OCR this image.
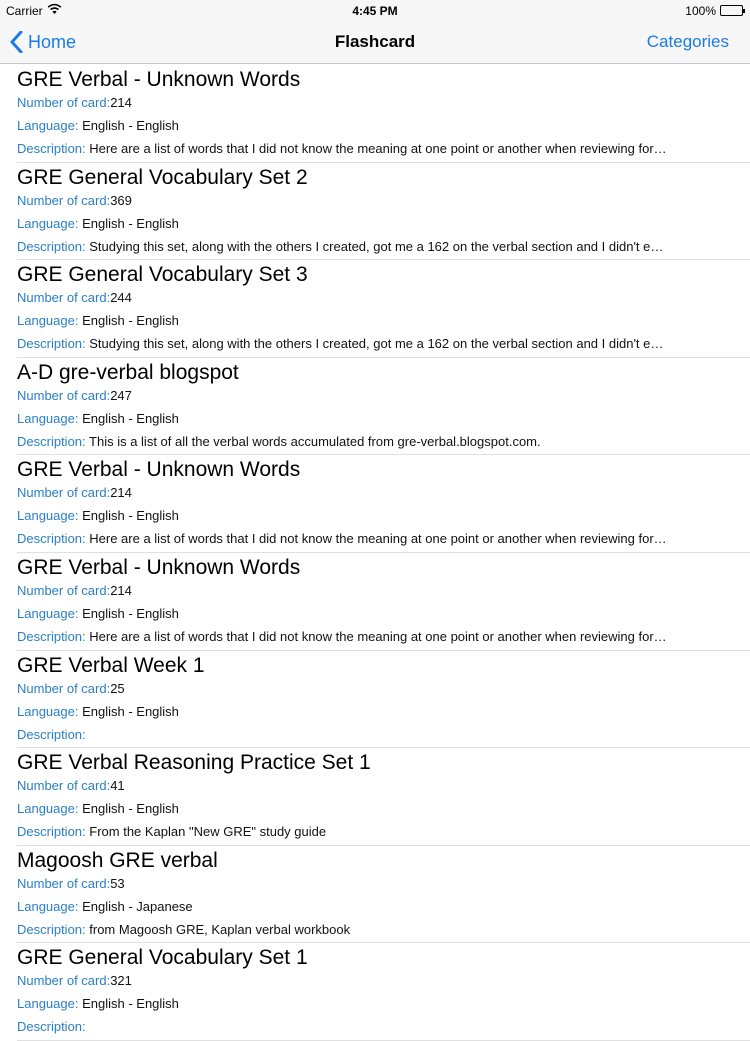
Carrier	4:45 PM	100%
Home	Flashcard	Categories
GRE Verbal - Unknown Words
Number of card:214
Language: English - English
Description: Here are a list of words that I did not know the meaning at one point or another when reviewing for…
GRE General Vocabulary Set 2
Number of card:369
Language: English - English
Description: Studying this set, along with the others I created, got me a 162 on the verbal section and I didn't e…
GRE General Vocabulary Set 3
Number of card:244
Language: English - English
Description: Studying this set, along with the others I created, got me a 162 on the verbal section and I didn't e…
A-D gre-verbal blogspot
Number of card:247
Language: English - English
Description: This is a list of all the verbal words accumulated from gre-verbal.blogspot.com.
GRE Verbal - Unknown Words
Number of card:214
Language: English - English
Description: Here are a list of words that I did not know the meaning at one point or another when reviewing for…
GRE Verbal - Unknown Words
Number of card:214
Language: English - English
Description: Here are a list of words that I did not know the meaning at one point or another when reviewing for…
GRE Verbal Week 1
Number of card:25
Language: English - English
Description:
GRE Verbal Reasoning Practice Set 1
Number of card:41
Language: English - English
Description: From the Kaplan "New GRE" study guide
Magoosh GRE verbal
Number of card:53
Language: English - Japanese
Description: from Magoosh GRE, Kaplan verbal workbook
GRE General Vocabulary Set 1
Number of card:321
Language: English - English
Description:
